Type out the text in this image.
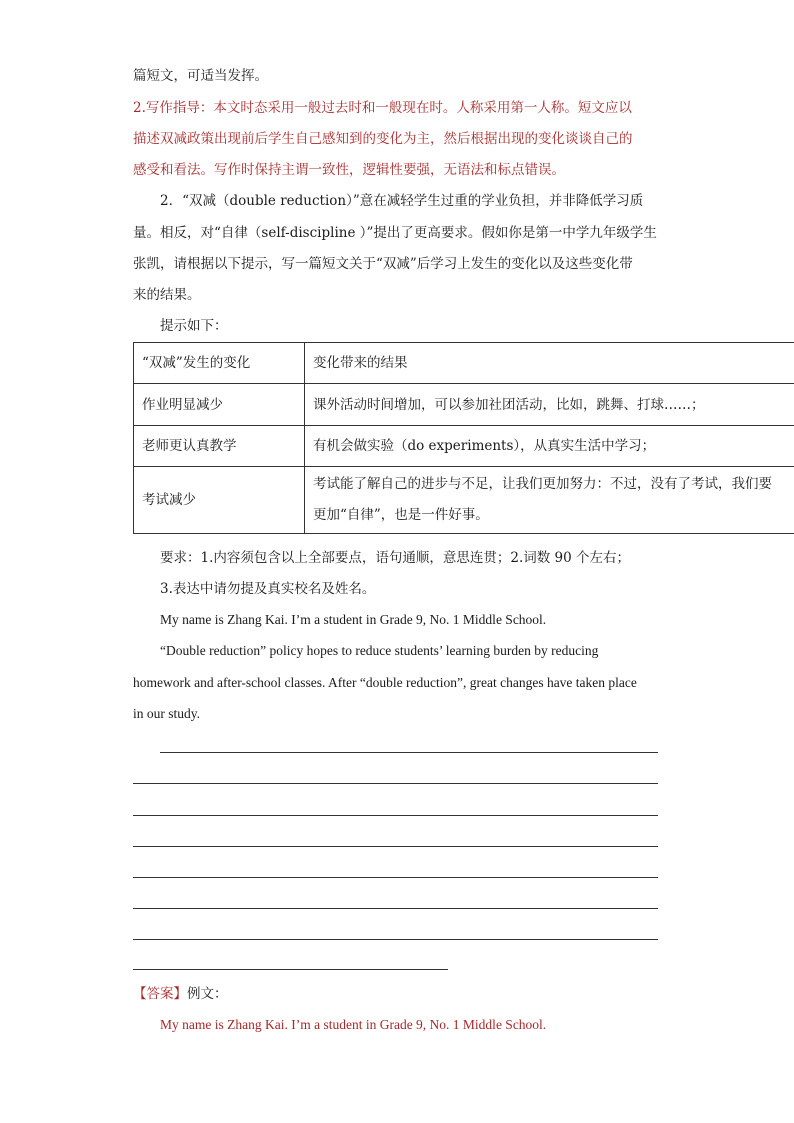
篇短文，可适当发挥。
2.写作指导：本文时态采用一般过去时和一般现在时。人称采用第一人称。短文应以
描述双减政策出现前后学生自己感知到的变化为主，然后根据出现的变化谈谈自己的
感受和看法。写作时保持主谓一致性，逻辑性要强，无语法和标点错误。
2．“双减（double reduction）”意在减轻学生过重的学业负担，并非降低学习质
量。相反，对“自律（self-discipline ）”提出了更高要求。假如你是第一中学九年级学生
张凯，请根据以下提示，写一篇短文关于“双减”后学习上发生的变化以及这些变化带
来的结果。
提示如下：
“双减”发生的变化	变化带来的结果
作业明显减少	课外活动时间增加，可以参加社团活动，比如，跳舞、打球……；
老师更认真教学	有机会做实验（do experiments），从真实生活中学习；
考试减少	考试能了解自己的进步与不足，让我们更加努力：不过，没有了考试，我们要
更加“自律”，也是一件好事。
要求：1.内容须包含以上全部要点，语句通顺，意思连贯；2.词数 90 个左右；
3.表达中请勿提及真实校名及姓名。
My name is Zhang Kai. I’m a student in Grade 9, No. 1 Middle School.
“Double reduction” policy hopes to reduce students’ learning burden by reducing
homework and after-school classes. After “double reduction”, great changes have taken place
in our study.
【答案】例文：
My name is Zhang Kai. I’m a student in Grade 9, No. 1 Middle School.
